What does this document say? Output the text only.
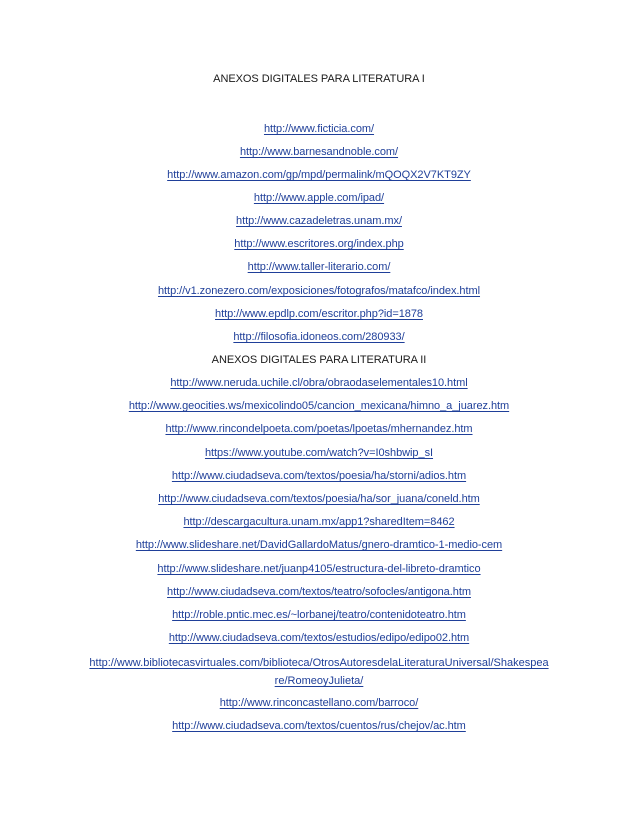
ANEXOS DIGITALES PARA LITERATURA I
http://www.ficticia.com/
http://www.barnesandnoble.com/
http://www.amazon.com/gp/mpd/permalink/mQOQX2V7KT9ZY
http://www.apple.com/ipad/
http://www.cazadeletras.unam.mx/
http://www.escritores.org/index.php
http://www.taller-literario.com/
http://v1.zonezero.com/exposiciones/fotografos/matafco/index.html
http://www.epdlp.com/escritor.php?id=1878
http://filosofia.idoneos.com/280933/
ANEXOS DIGITALES PARA LITERATURA II
http://www.neruda.uchile.cl/obra/obraodaselementales10.html
http://www.geocities.ws/mexicolindo05/cancion_mexicana/himno_a_juarez.htm
http://www.rincondelpoeta.com/poetas/lpoetas/mhernandez.htm
https://www.youtube.com/watch?v=I0shbwip_sI
http://www.ciudadseva.com/textos/poesia/ha/storni/adios.htm
http://www.ciudadseva.com/textos/poesia/ha/sor_juana/coneld.htm
http://descargacultura.unam.mx/app1?sharedItem=8462
http://www.slideshare.net/DavidGallardoMatus/gnero-dramtico-1-medio-cem
http://www.slideshare.net/juanp4105/estructura-del-libreto-dramtico
http://www.ciudadseva.com/textos/teatro/sofocles/antigona.htm
http://roble.pntic.mec.es/~lorbanej/teatro/contenidoteatro.htm
http://www.ciudadseva.com/textos/estudios/edipo/edipo02.htm
http://www.bibliotecasvirtuales.com/biblioteca/OtrosAutoresdelaLiteraturaUniversal/Shakespeare/RomeoyJulieta/
http://www.rinconcastellano.com/barroco/
http://www.ciudadseva.com/textos/cuentos/rus/chejov/ac.htm
